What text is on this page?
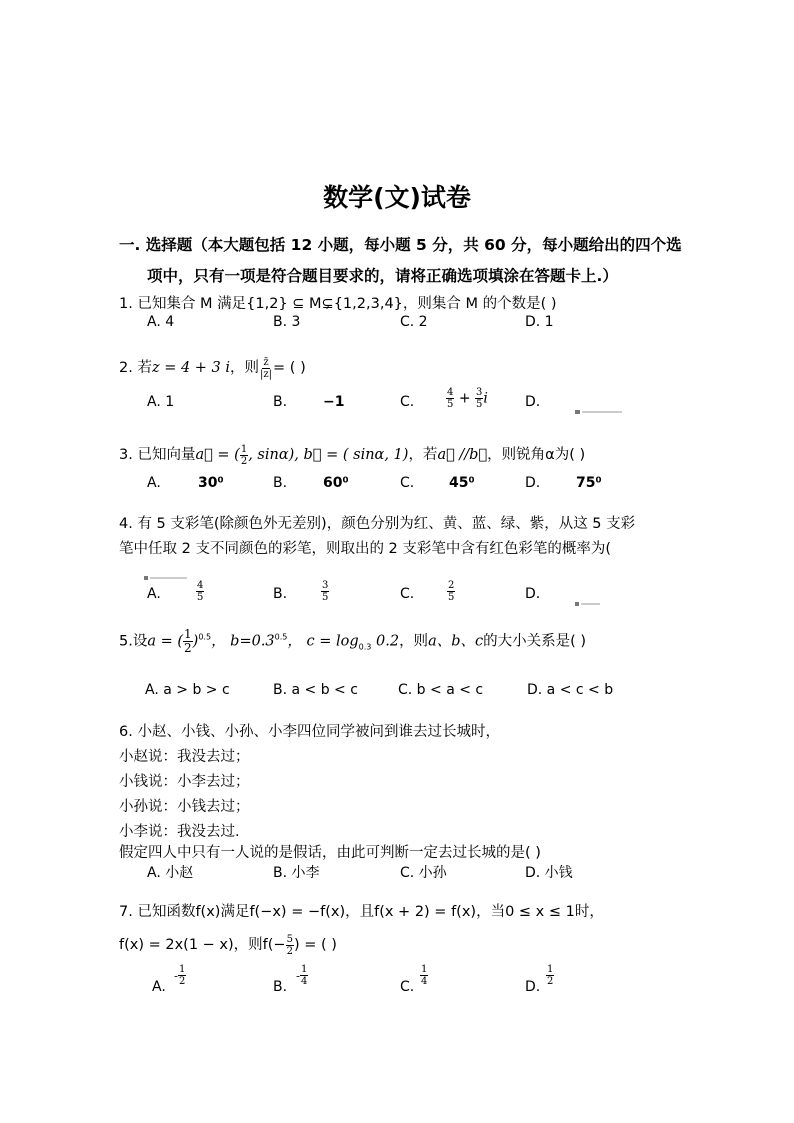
数学(文)试卷
一. 选择题（本大题包括 12 小题，每小题 5 分，共 60 分，每小题给出的四个选
项中，只有一项是符合题目要求的，请将正确选项填涂在答题卡上.）
1. 已知集合 M 满足{1,2} ⊆ M⊊{1,2,3,4}，则集合 M 的个数是( )
A. 4	B. 3	C. 2	D. 1
2. 若z = 4 + 3 i，则 $\frac{z̄}{|z|}$ = ( )
A. 1	B.	−1	C.	$\frac{4}{5} + \frac{3}{5}$ i	D.
3. 已知向量a⃗ = ( $\frac{1}{2}$ , sinα), b⃗ = ( sinα, 1)，若a⃗ //b⃗，则锐角α为( )
A.	30⁰	B.	60⁰	C. 45⁰	D.	75⁰
4. 有 5 支彩笔(除颜色外无差别)，颜色分别为红、黄、蓝、绿、紫，从这 5 支彩
笔中任取 2 支不同颜色的彩笔，则取出的 2 支彩笔中含有红色彩笔的概率为(
A.	$\frac{4}{5}$	B.	$\frac{3}{5}$	C.	$\frac{2}{5}$	D.
5.设a = ( $\frac{1}{2} )^{0.5}$， $b=0.3^{0.5}$， $c = \log_{0.3} 0.2$，则a、b、c的大小关系是( )
A. a > b > c	B. a < b < c	C. b < a < c	D. a < c < b
6. 小赵、小钱、小孙、小李四位同学被问到谁去过长城时，
小赵说：我没去过；
小钱说：小李去过；
小孙说：小钱去过；
小李说：我没去过.
假定四人中只有一人说的是假话，由此可判断一定去过长城的是( )
A. 小赵	B. 小李	C. 小孙	D. 小钱
7. 已知函数f(x)满足f(−x) = −f(x)，且f(x + 2) = f(x)，当0 ≤ x ≤ 1时，
f(x) = 2x(1 − x)，则$f(- \frac{5}{2}$ ) = ( )
A.
- $\frac{1}{2}$	B.
- $\frac{1}{4}$	C. $\frac{1}{4}$	D. $\frac{1}{2}$
